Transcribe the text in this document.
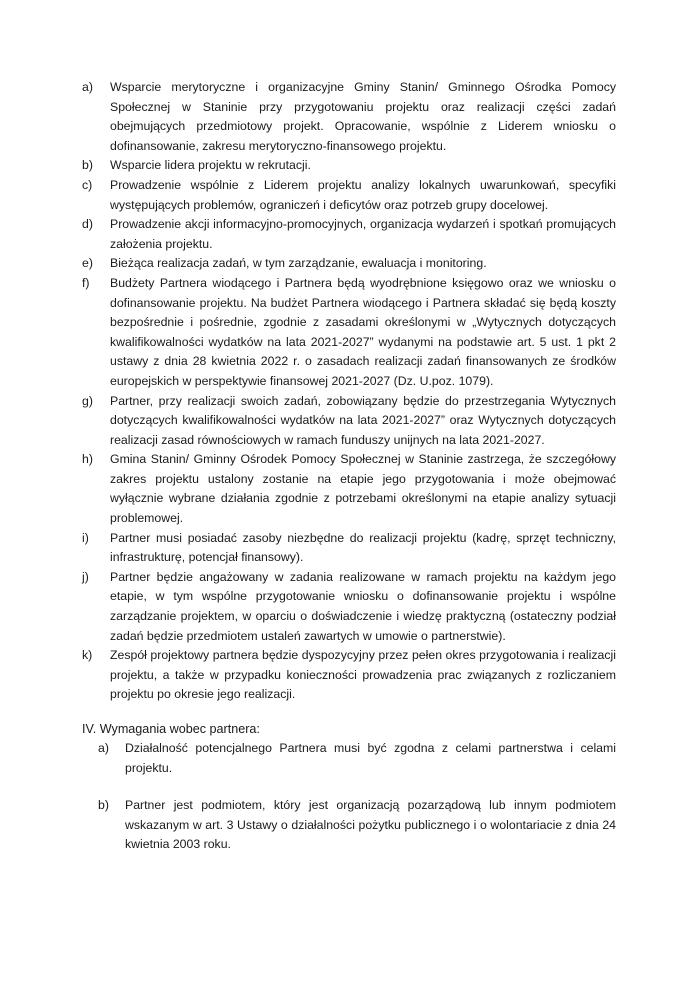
a) Wsparcie merytoryczne i organizacyjne Gminy Stanin/ Gminnego Ośrodka Pomocy Społecznej w Staninie przy przygotowaniu projektu oraz realizacji części zadań obejmujących przedmiotowy projekt. Opracowanie, wspólnie z Liderem wniosku o dofinansowanie, zakresu merytoryczno-finansowego projektu.
b) Wsparcie lidera projektu w rekrutacji.
c) Prowadzenie wspólnie z Liderem projektu analizy lokalnych uwarunkowań, specyfiki występujących problemów, ograniczeń i deficytów oraz potrzeb grupy docelowej.
d) Prowadzenie akcji informacyjno-promocyjnych, organizacja wydarzeń i spotkań promujących założenia projektu.
e) Bieżąca realizacja zadań, w tym zarządzanie, ewaluacja i monitoring.
f) Budżety Partnera wiodącego i Partnera będą wyodrębnione księgowo oraz we wniosku o dofinansowanie projektu. Na budżet Partnera wiodącego i Partnera składać się będą koszty bezpośrednie i pośrednie, zgodnie z zasadami określonymi w „Wytycznych dotyczących kwalifikowalności wydatków na lata 2021-2027” wydanymi na podstawie art. 5 ust. 1 pkt 2 ustawy z dnia 28 kwietnia 2022 r. o zasadach realizacji zadań finansowanych ze środków europejskich w perspektywie finansowej 2021-2027 (Dz. U.poz. 1079).
g) Partner, przy realizacji swoich zadań, zobowiązany będzie do przestrzegania Wytycznych dotyczących kwalifikowalności wydatków na lata 2021-2027” oraz Wytycznych dotyczących realizacji zasad równościowych w ramach funduszy unijnych na lata 2021-2027.
h) Gmina Stanin/ Gminny Ośrodek Pomocy Społecznej w Staninie zastrzega, że szczegółowy zakres projektu ustalony zostanie na etapie jego przygotowania i może obejmować wyłącznie wybrane działania zgodnie z potrzebami określonymi na etapie analizy sytuacji problemowej.
i) Partner musi posiadać zasoby niezbędne do realizacji projektu (kadrę, sprzęt techniczny, infrastrukturę, potencjał finansowy).
j) Partner będzie angażowany w zadania realizowane w ramach projektu na każdym jego etapie, w tym wspólne przygotowanie wniosku o dofinansowanie projektu i wspólne zarządzanie projektem, w oparciu o doświadczenie i wiedzę praktyczną (ostateczny podział zadań będzie przedmiotem ustaleń zawartych w umowie o partnerstwie).
k) Zespół projektowy partnera będzie dyspozycyjny przez pełen okres przygotowania i realizacji projektu, a także w przypadku konieczności prowadzenia prac związanych z rozliczaniem projektu po okresie jego realizacji.
IV. Wymagania wobec partnera:
a) Działalność potencjalnego Partnera musi być zgodna z celami partnerstwa i celami projektu.
b) Partner jest podmiotem, który jest organizacją pozarządową lub innym podmiotem wskazanym w art. 3 Ustawy o działalności pożytku publicznego i o wolontariacie z dnia 24 kwietnia 2003 roku.
